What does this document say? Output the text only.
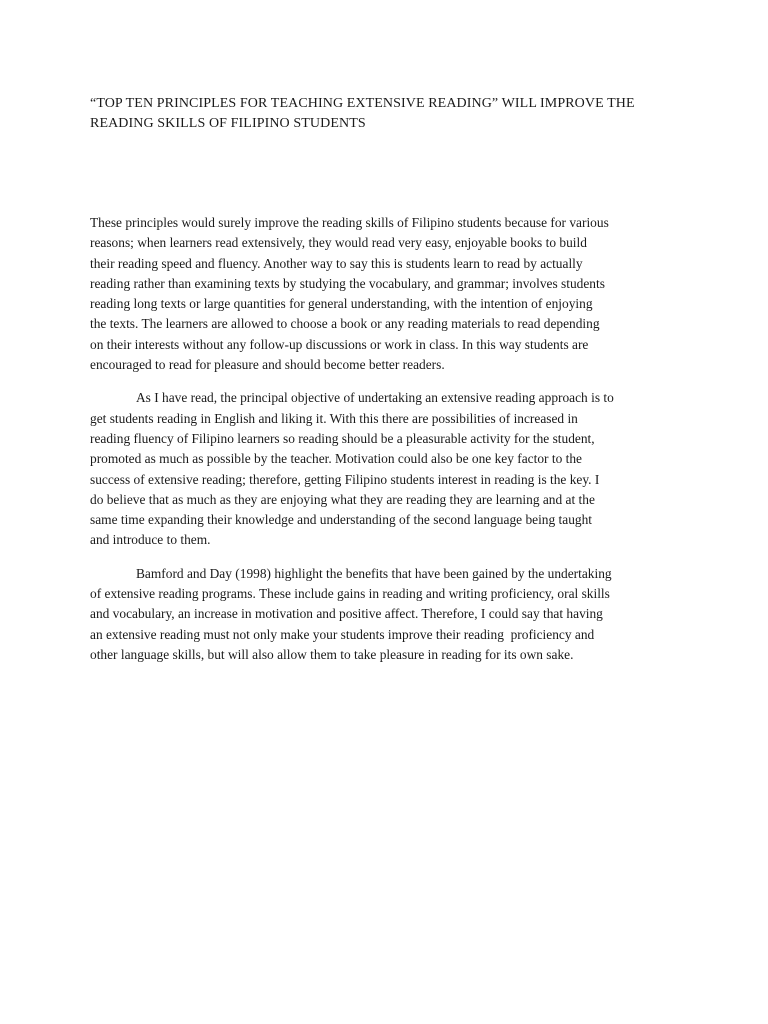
“TOP TEN PRINCIPLES FOR TEACHING EXTENSIVE READING” WILL IMPROVE THE
READING SKILLS OF FILIPINO STUDENTS

These principles would surely improve the reading skills of Filipino students because for various
reasons; when learners read extensively, they would read very easy, enjoyable books to build
their reading speed and fluency. Another way to say this is students learn to read by actually
reading rather than examining texts by studying the vocabulary, and grammar; involves students
reading long texts or large quantities for general understanding, with the intention of enjoying
the texts. The learners are allowed to choose a book or any reading materials to read depending
on their interests without any follow-up discussions or work in class. In this way students are
encouraged to read for pleasure and should become better readers.

As I have read, the principal objective of undertaking an extensive reading approach is to
get students reading in English and liking it. With this there are possibilities of increased in
reading fluency of Filipino learners so reading should be a pleasurable activity for the student,
promoted as much as possible by the teacher. Motivation could also be one key factor to the
success of extensive reading; therefore, getting Filipino students interest in reading is the key. I
do believe that as much as they are enjoying what they are reading they are learning and at the
same time expanding their knowledge and understanding of the second language being taught
and introduce to them.

Bamford and Day (1998) highlight the benefits that have been gained by the undertaking
of extensive reading programs. These include gains in reading and writing proficiency, oral skills
and vocabulary, an increase in motivation and positive affect. Therefore, I could say that having
an extensive reading must not only make your students improve their reading  proficiency and
other language skills, but will also allow them to take pleasure in reading for its own sake.
